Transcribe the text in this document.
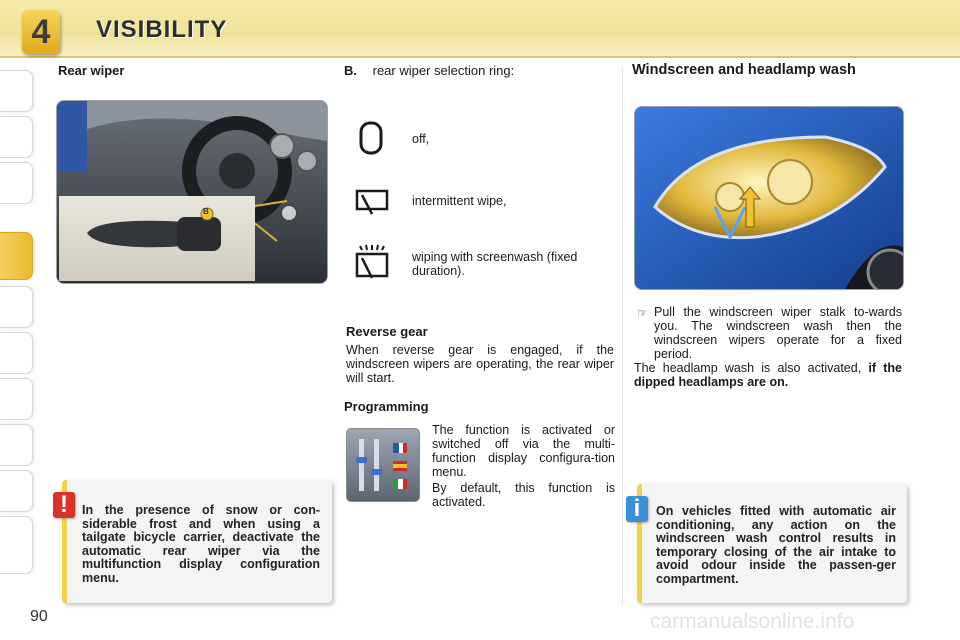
4	VISIBILITY
Rear wiper
B
B. rear wiper selection ring:
off,
intermittent wipe,
wiping with screenwash (fixed duration).
Reverse gear
When reverse gear is engaged, if the windscreen wipers are operating, the rear wiper will start.
Programming
The function is activated or switched off via the multi-function display configura-tion menu.
By default, this function is activated.
Windscreen and headlamp wash
☞ Pull the windscreen wiper stalk to-wards you. The windscreen wash then the windscreen wipers operate for a fixed period.
The headlamp wash is also activated, if the dipped headlamps are on.
!	In the presence of snow or con-siderable frost and when using a tailgate bicycle carrier, deactivate the automatic rear wiper via the multifunction display configuration menu.
i	On vehicles fitted with automatic air conditioning, any action on the windscreen wash control results in temporary closing of the air intake to avoid odour inside the passen-ger compartment.
90	carmanualsonline.info
